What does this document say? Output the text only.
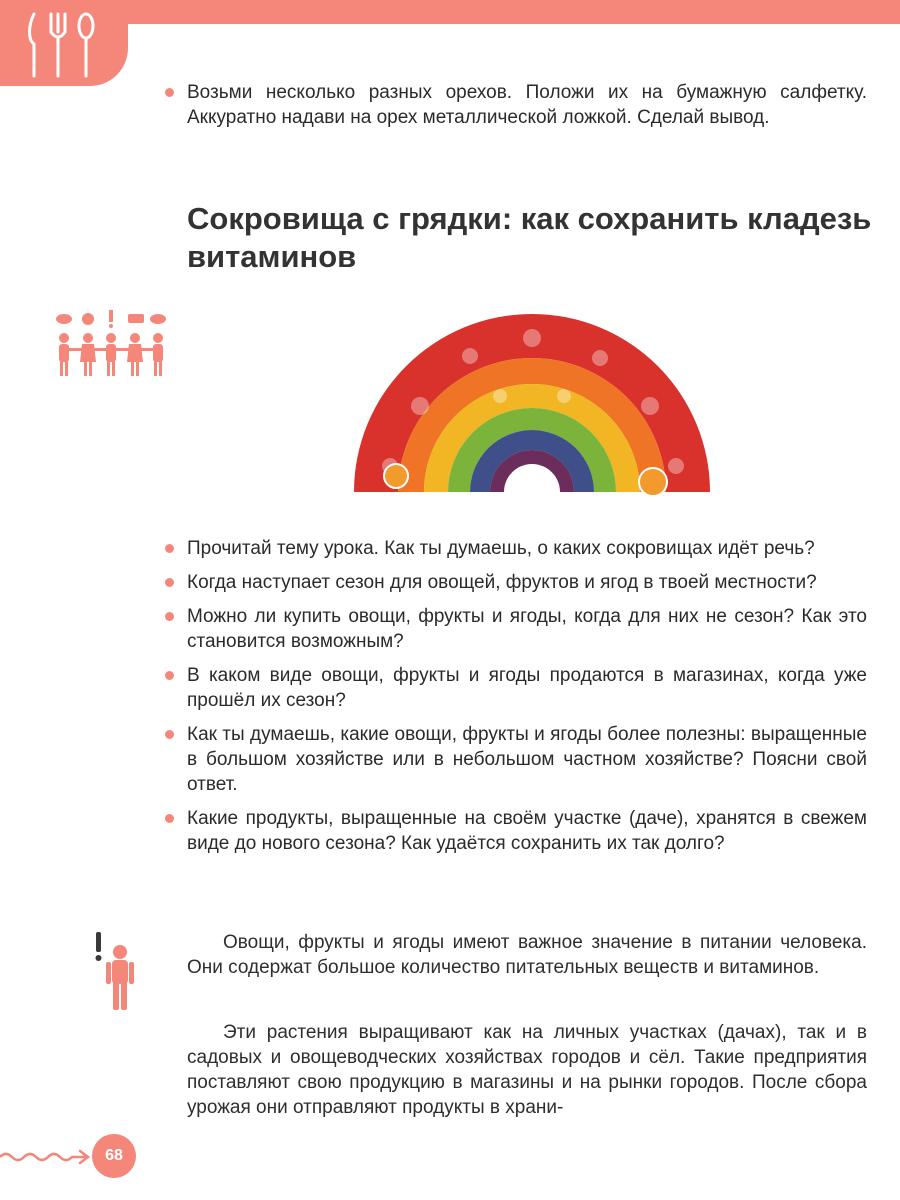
Возьми несколько разных орехов. Положи их на бумажную салфетку. Аккуратно надави на орех металлической ложкой. Сделай вывод.
Сокровища с грядки: как сохранить кладезь витаминов
Прочитай тему урока. Как ты думаешь, о каких сокровищах идёт речь?
Когда наступает сезон для овощей, фруктов и ягод в твоей местности?
Можно ли купить овощи, фрукты и ягоды, когда для них не сезон? Как это становится возможным?
В каком виде овощи, фрукты и ягоды продаются в магазинах, когда уже прошёл их сезон?
Как ты думаешь, какие овощи, фрукты и ягоды более полезны: выращенные в большом хозяйстве или в небольшом частном хозяйстве? Поясни свой ответ.
Какие продукты, выращенные на своём участке (даче), хранятся в свежем виде до нового сезона? Как удаётся сохранить их так долго?

Овощи, фрукты и ягоды имеют важное значение в питании человека. Они содержат большое количество питательных веществ и витаминов.

Эти растения выращивают как на личных участках (дачах), так и в садовых и овощеводческих хозяйствах городов и сёл. Такие предприятия поставляют свою продукцию в магазины и на рынки городов. После сбора урожая они отправляют продукты в храни-

68
